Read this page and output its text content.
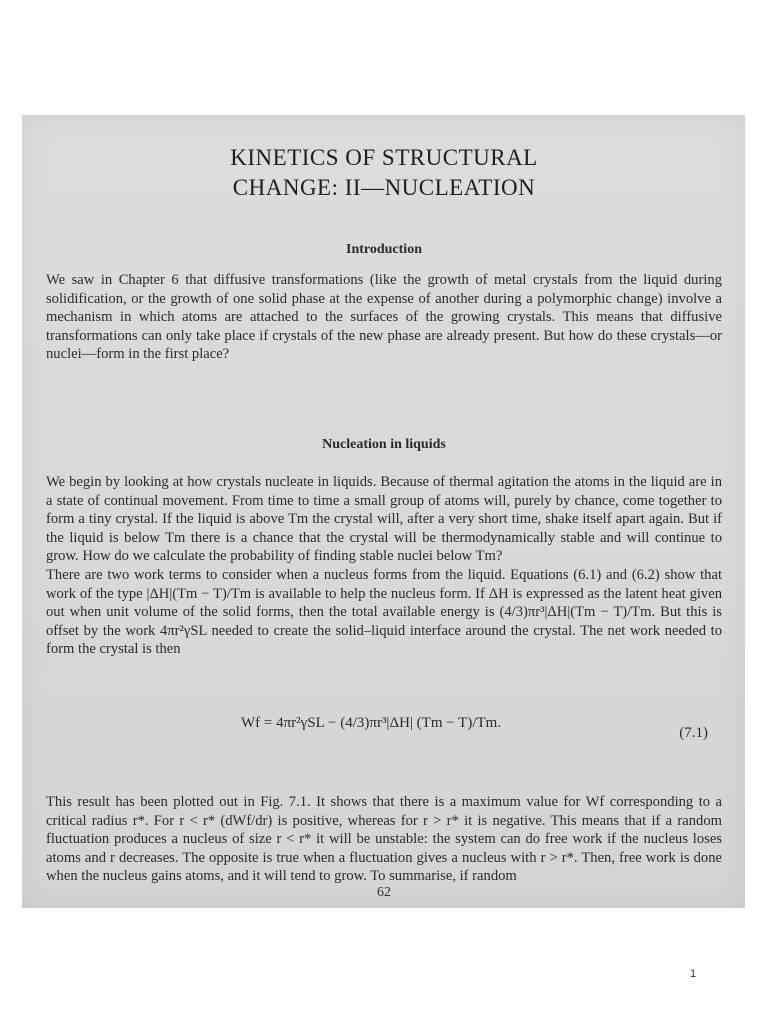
KINETICS OF STRUCTURAL
CHANGE: II—NUCLEATION
Introduction

We saw in Chapter 6 that diffusive transformations (like the growth of metal crystals from the liquid during solidification, or the growth of one solid phase at the expense of another during a polymorphic change) involve a mechanism in which atoms are attached to the surfaces of the growing crystals. This means that diffusive transformations can only take place if crystals of the new phase are already present. But how do these crystals—or nuclei—form in the first place?

Nucleation in liquids

We begin by looking at how crystals nucleate in liquids. Because of thermal agitation the atoms in the liquid are in a state of continual movement. From time to time a small group of atoms will, purely by chance, come together to form a tiny crystal. If the liquid is above Tm the crystal will, after a very short time, shake itself apart again. But if the liquid is below Tm there is a chance that the crystal will be thermodynamically stable and will continue to grow. How do we calculate the probability of finding stable nuclei below Tm?
There are two work terms to consider when a nucleus forms from the liquid. Equations (6.1) and (6.2) show that work of the type |ΔH|(Tm − T)/Tm is available to help the nucleus form. If ΔH is expressed as the latent heat given out when unit volume of the solid forms, then the total available energy is (4/3)πr³|ΔH|(Tm − T)/Tm. But this is offset by the work 4πr²γSL needed to create the solid–liquid interface around the crystal. The net work needed to form the crystal is then

Wf = 4πr²γSL − (4/3)πr³|ΔH| (Tm − T)/Tm.
(7.1)

This result has been plotted out in Fig. 7.1. It shows that there is a maximum value for Wf corresponding to a critical radius r*. For r < r* (dWf/dr) is positive, whereas for r > r* it is negative. This means that if a random fluctuation produces a nucleus of size r < r* it will be unstable: the system can do free work if the nucleus loses atoms and r decreases. The opposite is true when a fluctuation gives a nucleus with r > r*. Then, free work is done when the nucleus gains atoms, and it will tend to grow. To summarise, if random

62
1
